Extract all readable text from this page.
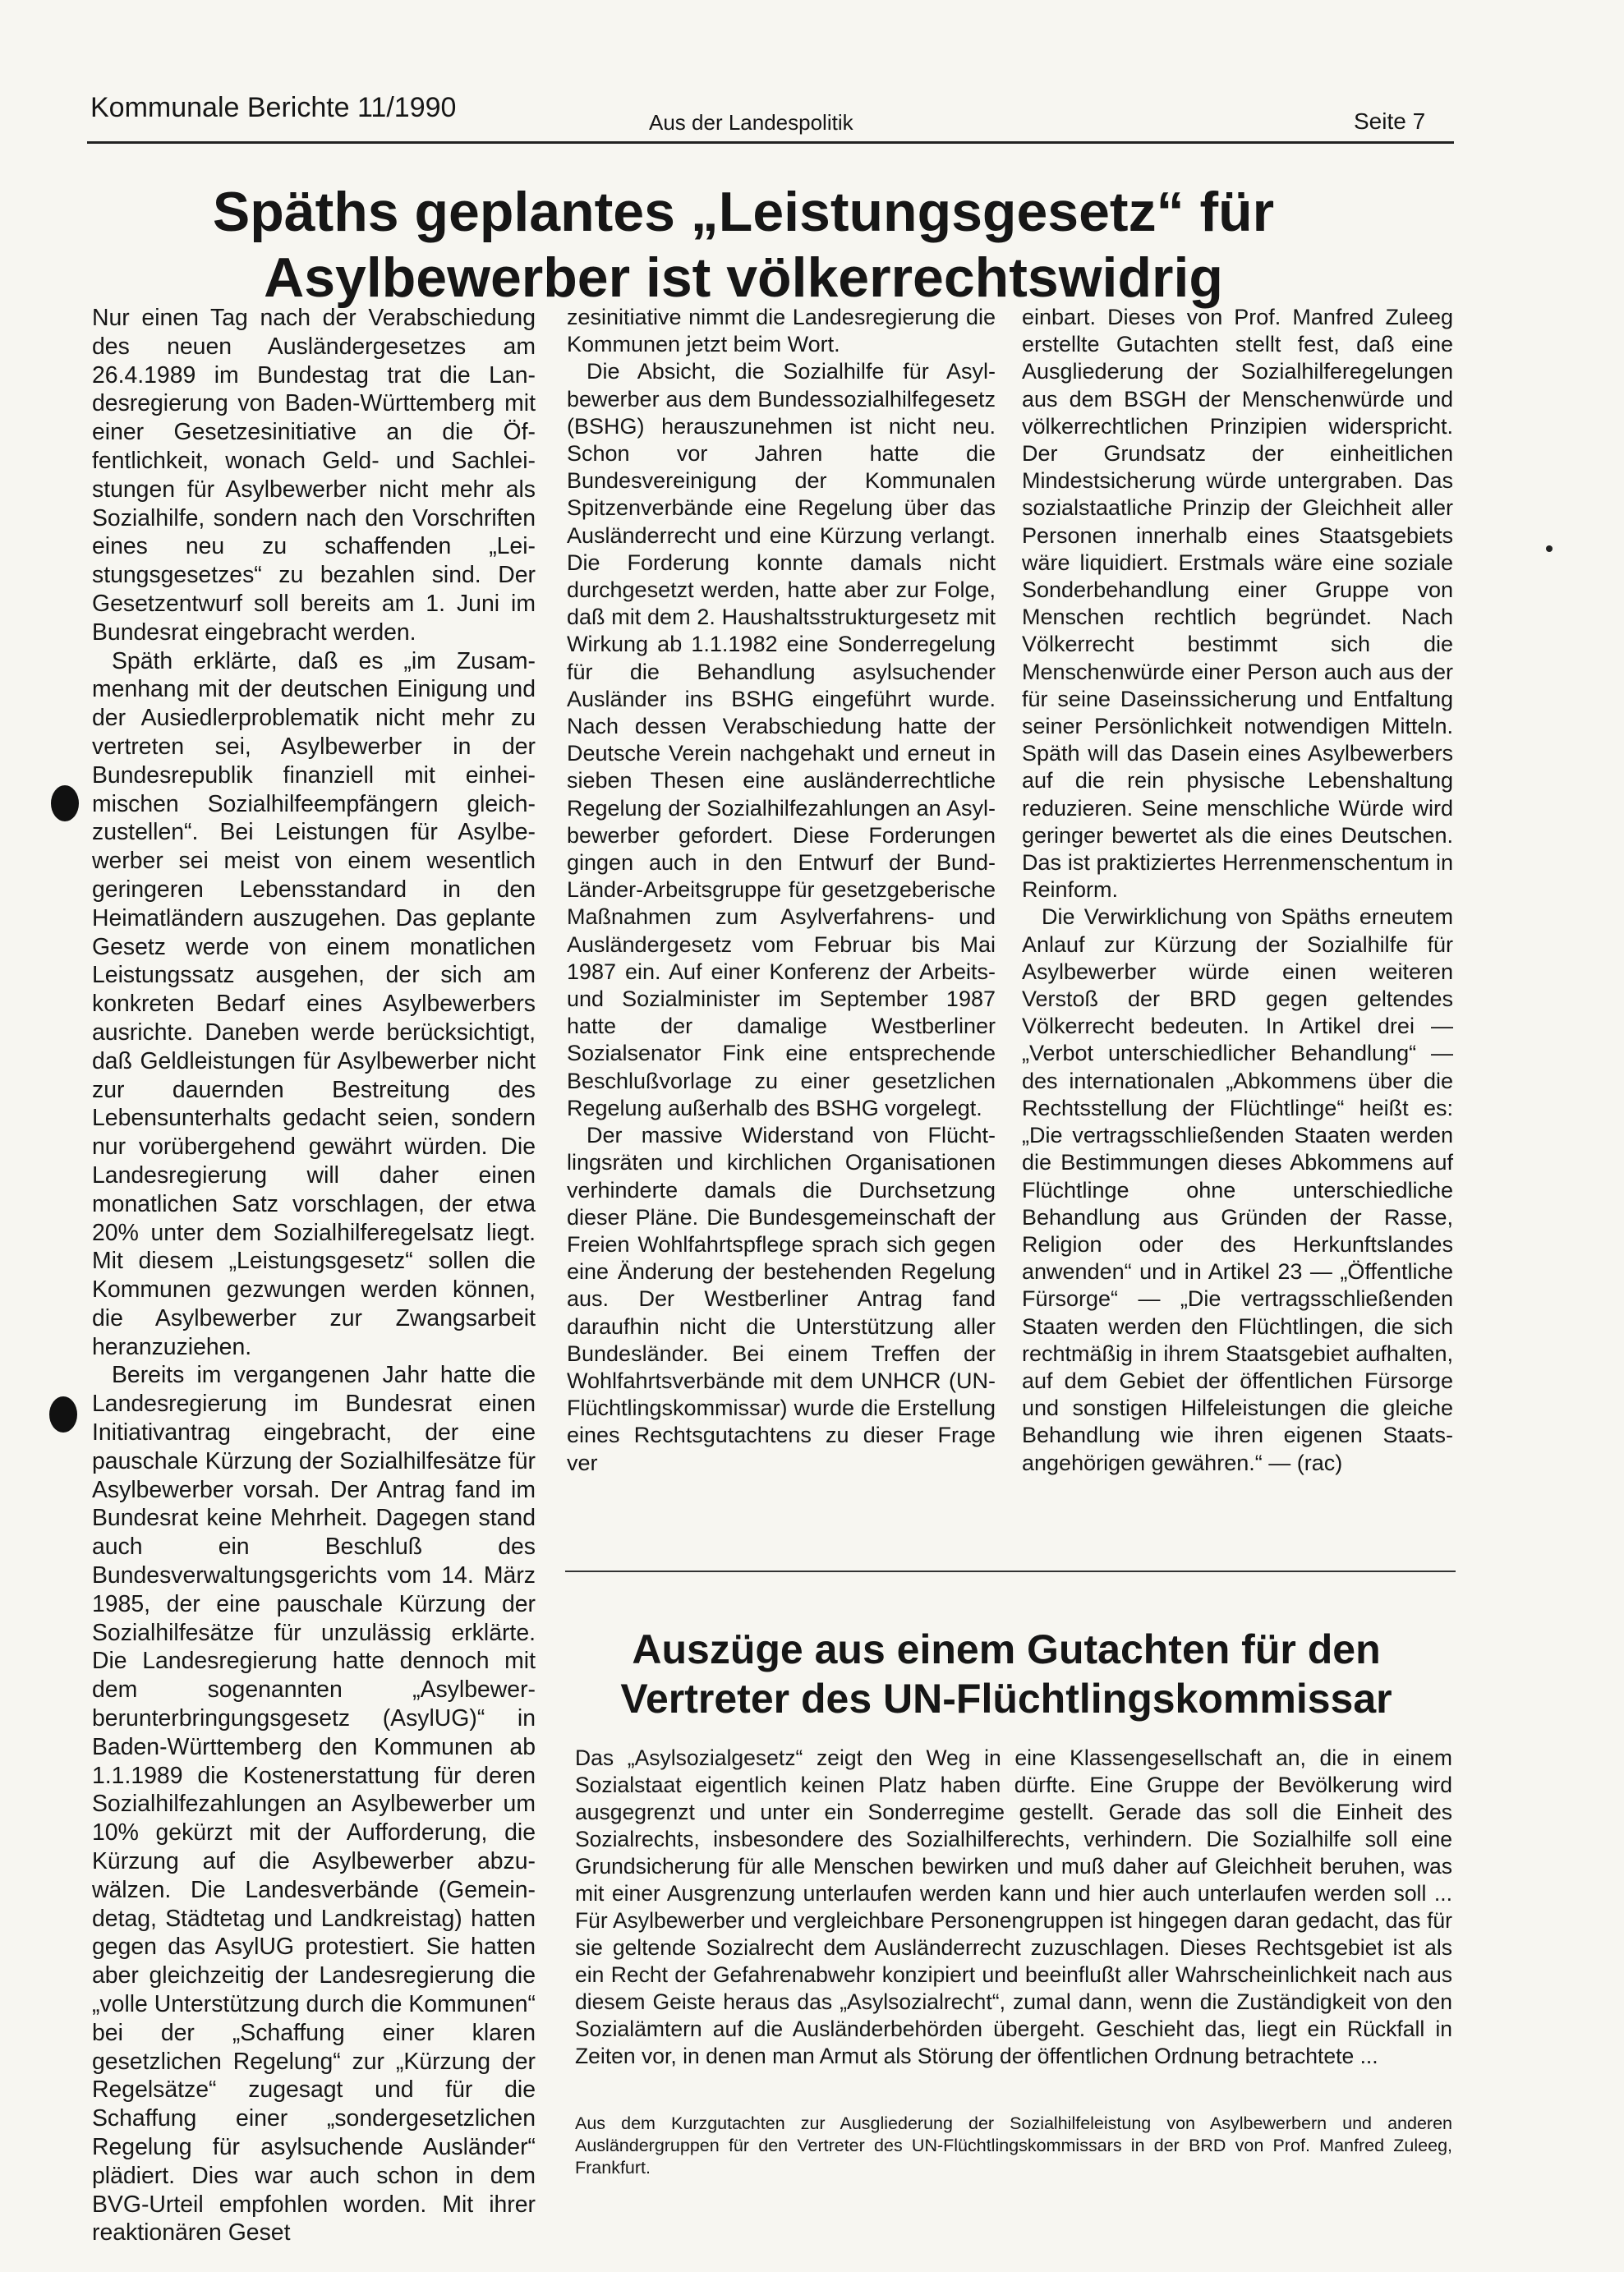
Kommunale Berichte 11/1990	Aus der Landespolitik	Seite 7
Späths geplantes „Leistungsgesetz“ für
Asylbewerber ist völkerrechtswidrig

Nur einen Tag nach der Verabschiedung des neuen Ausländergesetzes am 26.4.1989 im Bundestag trat die Landesregierung von Baden-Württemberg mit einer Gesetzesinitiative an die Öffentlichkeit, wonach Geld- und Sachleistungen für Asylbewerber nicht mehr als Sozialhilfe, sondern nach den Vorschriften eines neu zu schaffenden „Leistungsgesetzes“ zu bezahlen sind. Der Gesetzentwurf soll bereits am 1. Juni im Bundesrat eingebracht werden.

Späth erklärte, daß es „im Zusammenhang mit der deutschen Einigung und der Ausiedlerproblematik nicht mehr zu vertreten sei, Asylbewerber in der Bundesrepublik finanziell mit einheimischen Sozialhilfeempfängern gleichzustellen“. Bei Leistungen für Asylbewerber sei meist von einem wesentlich geringeren Lebensstandard in den Heimatländern auszugehen. Das geplante Gesetz werde von einem monatlichen Leistungssatz ausgehen, der sich am konkreten Bedarf eines Asylbewerbers ausrichte. Daneben werde berücksichtigt, daß Geldleistungen für Asylbewerber nicht zur dauernden Bestreitung des Lebensunterhalts gedacht seien, sondern nur vorübergehend gewährt würden. Die Landesregierung will daher einen monatlichen Satz vorschlagen, der etwa 20% unter dem Sozialhilferegelsatz liegt. Mit diesem „Leistungsgesetz“ sollen die Kommunen gezwungen werden können, die Asylbewerber zur Zwangsarbeit heranzuziehen.

Bereits im vergangenen Jahr hatte die Landesregierung im Bundesrat einen Initiativantrag eingebracht, der eine pauschale Kürzung der Sozialhilfesätze für Asylbewerber vorsah. Der Antrag fand im Bundesrat keine Mehrheit. Dagegen stand auch ein Beschluß des Bundesverwaltungsgerichts vom 14. März 1985, der eine pauschale Kürzung der Sozialhilfesätze für unzulässig erklärte. Die Landesregierung hatte dennoch mit dem sogenannten „Asylbewerberunterbringungsgesetz (AsylUG)“ in Baden-Württemberg den Kommunen ab 1.1.1989 die Kostenerstattung für deren Sozialhilfezahlungen an Asylbewerber um 10% gekürzt mit der Aufforderung, die Kürzung auf die Asylbewerber abzuwälzen. Die Landesverbände (Gemeindetag, Städtetag und Landkreistag) hatten gegen das AsylUG protestiert. Sie hatten aber gleichzeitig der Landesregierung die „volle Unterstützung durch die Kommunen“ bei der „Schaffung einer klaren gesetzlichen Regelung“ zur „Kürzung der Regelsätze“ zugesagt und für die Schaffung einer „sondergesetzlichen Regelung für asylsuchende Ausländer“ plädiert. Dies war auch schon in dem BVG-Urteil empfohlen worden. Mit ihrer reaktionären Geset

zesinitiative nimmt die Landesregierung die Kommunen jetzt beim Wort.

Die Absicht, die Sozialhilfe für Asylbewerber aus dem Bundessozialhilfegesetz (BSHG) herauszunehmen ist nicht neu. Schon vor Jahren hatte die Bundesvereinigung der Kommunalen Spitzenverbände eine Regelung über das Ausländerrecht und eine Kürzung verlangt. Die Forderung konnte damals nicht durchgesetzt werden, hatte aber zur Folge, daß mit dem 2. Haushaltsstrukturgesetz mit Wirkung ab 1.1.1982 eine Sonderregelung für die Behandlung asylsuchender Ausländer ins BSHG eingeführt wurde. Nach dessen Verabschiedung hatte der Deutsche Verein nachgehakt und erneut in sieben Thesen eine ausländerrechtliche Regelung der Sozialhilfezahlungen an Asylbewerber gefordert. Diese Forderungen gingen auch in den Entwurf der Bund-Länder-Arbeitsgruppe für gesetzgeberische Maßnahmen zum Asylverfahrens- und Ausländergesetz vom Februar bis Mai 1987 ein. Auf einer Konferenz der Arbeits- und Sozialminister im September 1987 hatte der damalige Westberliner Sozialsenator Fink eine entsprechende Beschlußvorlage zu einer gesetzlichen Regelung außerhalb des BSHG vorgelegt.

Der massive Widerstand von Flüchtlingsräten und kirchlichen Organisationen verhinderte damals die Durchsetzung dieser Pläne. Die Bundesgemeinschaft der Freien Wohlfahrtspflege sprach sich gegen eine Änderung der bestehenden Regelung aus. Der Westberliner Antrag fand daraufhin nicht die Unterstützung aller Bundesländer. Bei einem Treffen der Wohlfahrtsverbände mit dem UNHCR (UN-Flüchtlingskommissar) wurde die Erstellung eines Rechtsgutachtens zu dieser Frage ver

einbart. Dieses von Prof. Manfred Zuleeg erstellte Gutachten stellt fest, daß eine Ausgliederung der Sozialhilferegelungen aus dem BSGH der Menschenwürde und völkerrechtlichen Prinzipien widerspricht. Der Grundsatz der einheitlichen Mindestsicherung würde untergraben. Das sozialstaatliche Prinzip der Gleichheit aller Personen innerhalb eines Staatsgebiets wäre liquidiert. Erstmals wäre eine soziale Sonderbehandlung einer Gruppe von Menschen rechtlich begründet. Nach Völkerrecht bestimmt sich die Menschenwürde einer Person auch aus der für seine Daseinssicherung und Entfaltung seiner Persönlichkeit notwendigen Mitteln. Späth will das Dasein eines Asylbewerbers auf die rein physische Lebenshaltung reduzieren. Seine menschliche Würde wird geringer bewertet als die eines Deutschen. Das ist praktiziertes Herrenmenschentum in Reinform.

Die Verwirklichung von Späths erneutem Anlauf zur Kürzung der Sozialhilfe für Asylbewerber würde einen weiteren Verstoß der BRD gegen geltendes Völkerrecht bedeuten. In Artikel drei — „Verbot unterschiedlicher Behandlung“ — des internationalen „Abkommens über die Rechtsstellung der Flüchtlinge“ heißt es: „Die vertragsschließenden Staaten werden die Bestimmungen dieses Abkommens auf Flüchtlinge ohne unterschiedliche Behandlung aus Gründen der Rasse, Religion oder des Herkunftslandes anwenden“ und in Artikel 23 — „Öffentliche Fürsorge“ — „Die vertragsschließenden Staaten werden den Flüchtlingen, die sich rechtmäßig in ihrem Staatsgebiet aufhalten, auf dem Gebiet der öffentlichen Fürsorge und sonstigen Hilfeleistungen die gleiche Behandlung wie ihren eigenen Staatsangehörigen gewähren.“ — (rac)

Auszüge aus einem Gutachten für den
Vertreter des UN-Flüchtlingskommissar

Das „Asylsozialgesetz“ zeigt den Weg in eine Klassengesellschaft an, die in einem Sozialstaat eigentlich keinen Platz haben dürfte. Eine Gruppe der Bevölkerung wird ausgegrenzt und unter ein Sonderregime gestellt. Gerade das soll die Einheit des Sozialrechts, insbesondere des Sozialhilferechts, verhindern. Die Sozialhilfe soll eine Grundsicherung für alle Menschen bewirken und muß daher auf Gleichheit beruhen, was mit einer Ausgrenzung unterlaufen werden kann und hier auch unterlaufen werden soll ... Für Asylbewerber und vergleichbare Personengruppen ist hingegen daran gedacht, das für sie geltende Sozialrecht dem Ausländerrecht zuzuschlagen. Dieses Rechtsgebiet ist als ein Recht der Gefahrenabwehr konzipiert und beeinflußt aller Wahrscheinlichkeit nach aus diesem Geiste heraus das „Asylsozialrecht“, zumal dann, wenn die Zuständigkeit von den Sozialämtern auf die Ausländerbehörden übergeht. Geschieht das, liegt ein Rückfall in Zeiten vor, in denen man Armut als Störung der öffentlichen Ordnung betrachtete ...

Aus dem Kurzgutachten zur Ausgliederung der Sozialhilfeleistung von Asylbewerbern und anderen Ausländergruppen für den Vertreter des UN-Flüchtlingskommissars in der BRD von Prof. Manfred Zuleeg, Frankfurt.
